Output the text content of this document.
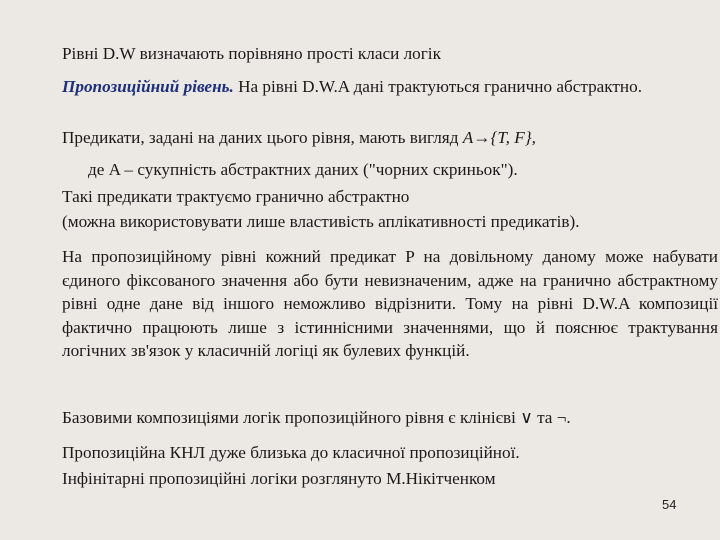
Рівні D.W визначають порівняно прості класи логік

Пропозиційний рівень. На рівні D.W.A дані трактуються гранично абстрактно.

Предикати, задані на даних цього рівня, мають вигляд A→{T, F},

де A – сукупність абстрактних даних ("чорних скриньок").

Такі предикати трактуємо гранично абстрактно

(можна використовувати лише властивість аплікативності предикатів).

На пропозиційному рівні кожний предикат P на довільному даному може набувати єдиного фіксованого значення або бути невизначеним, адже на гранично абстрактному рівні одне дане від іншого неможливо відрізнити. Тому на рівні D.W.A композиції фактично працюють лише з істиннісними значеннями, що й пояснює трактування логічних зв'язок у класичній логіці як булевих функцій.

Базовими композиціями логік пропозиційного рівня є клінієві ∨ та ¬.

Пропозиційна КНЛ дуже близька до класичної пропозиційної.

Інфінітарні пропозиційні логіки розглянуто М.Нікітченком

54
